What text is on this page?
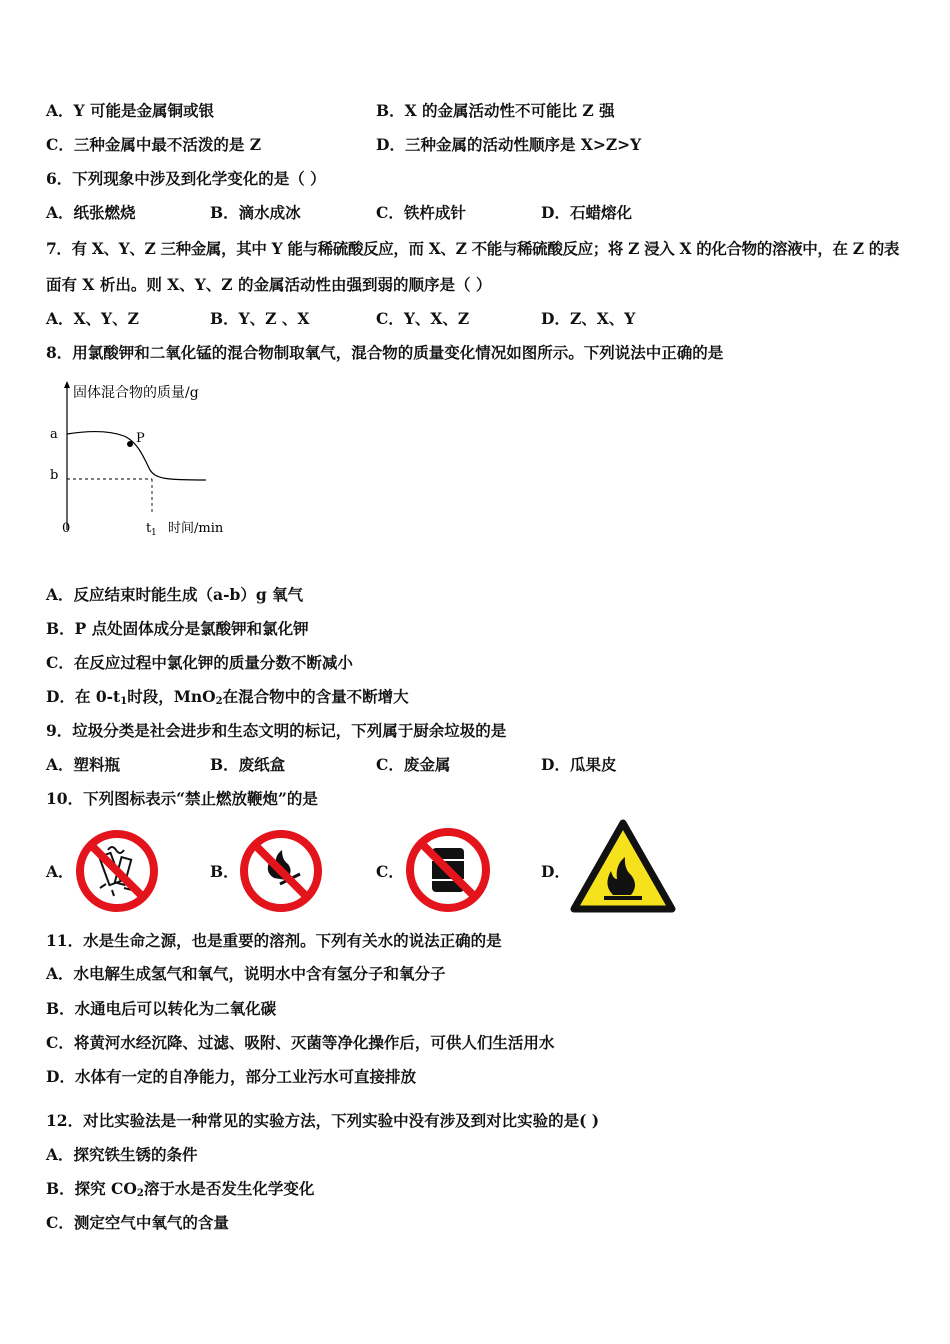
A．Y 可能是金属铜或银	B．X 的金属活动性不可能比 Z 强
C．三种金属中最不活泼的是 Z	D．三种金属的活动性顺序是 X>Z>Y
6．下列现象中涉及到化学变化的是（ ）
A．纸张燃烧	B．滴水成冰	C．铁杵成针	D．石蜡熔化
7．有 X、Y、Z 三种金属，其中 Y 能与稀硫酸反应，而 X、Z 不能与稀硫酸反应；将 Z 浸入 X 的化合物的溶液中，在 Z 的表
面有 X 析出。则 X、Y、Z 的金属活动性由强到弱的顺序是（ ）
A．X、Y、Z	B．Y、Z 、X	C．Y、X、Z	D．Z、X、Y
8．用氯酸钾和二氧化锰的混合物制取氧气，混合物的质量变化情况如图所示。下列说法中正确的是
固体混合物的质量/g
a
b
P
0	t 1 时间/min
A．反应结束时能生成（a-b）g 氧气
B．P 点处固体成分是氯酸钾和氯化钾
C．在反应过程中氯化钾的质量分数不断减小
D．在 $0-t_1$时段，MnO$_2$在混合物中的含量不断增大
9．垃圾分类是社会进步和生态文明的标记，下列属于厨余垃圾的是
A．塑料瓶	B．废纸盒	C．废金属	D．瓜果皮
10．下列图标表示“禁止燃放鞭炮”的是
A．	B．	C．	D．
11．水是生命之源，也是重要的溶剂。下列有关水的说法正确的是
A．水电解生成氢气和氧气，说明水中含有氢分子和氧分子
B．水通电后可以转化为二氧化碳
C．将黄河水经沉降、过滤、吸附、灭菌等净化操作后，可供人们生活用水
D．水体有一定的自净能力，部分工业污水可直接排放
12．对比实验法是一种常见的实验方法，下列实验中没有涉及到对比实验的是( )
A．探究铁生锈的条件
B．探究 $CO_2$溶于水是否发生化学变化
C．测定空气中氧气的含量
